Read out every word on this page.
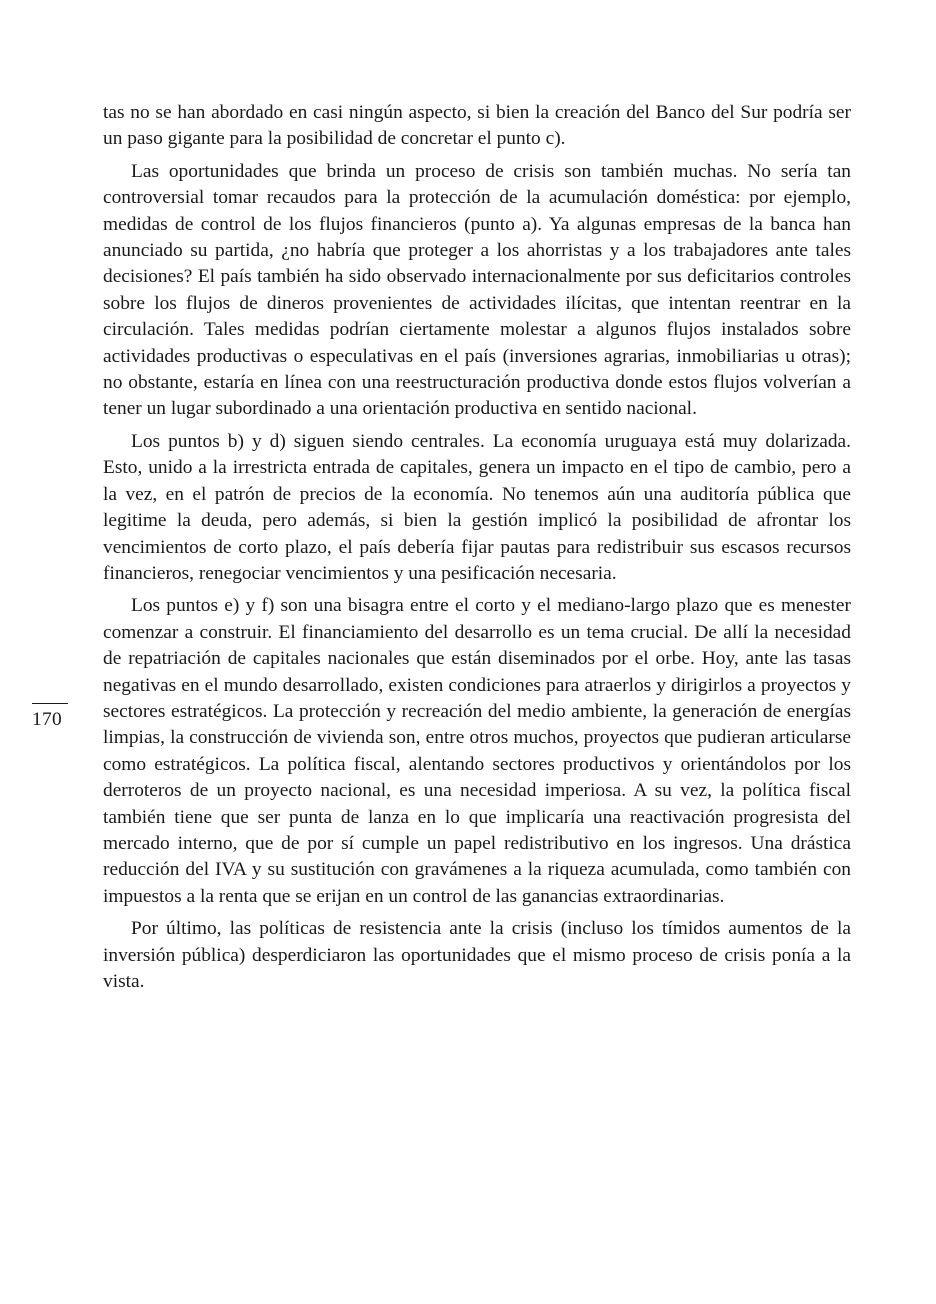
tas no se han abordado en casi ningún aspecto, si bien la creación del Banco del Sur podría ser un paso gigante para la posibilidad de concretar el punto c).

Las oportunidades que brinda un proceso de crisis son también muchas. No sería tan controversial tomar recaudos para la protección de la acumulación doméstica: por ejemplo, medidas de control de los flujos financieros (punto a). Ya algunas empresas de la banca han anunciado su partida, ¿no habría que proteger a los ahorristas y a los trabajadores ante tales decisiones? El país también ha sido observado internacionalmente por sus deficitarios controles sobre los flujos de dineros provenientes de actividades ilícitas, que intentan reentrar en la circulación. Tales medidas podrían ciertamente molestar a algunos flujos instalados sobre actividades productivas o especulativas en el país (inversiones agrarias, inmobiliarias u otras); no obstante, estaría en línea con una reestructuración productiva donde estos flujos volverían a tener un lugar subordinado a una orientación productiva en sentido nacional.

Los puntos b) y d) siguen siendo centrales. La economía uruguaya está muy dolarizada. Esto, unido a la irrestricta entrada de capitales, genera un impacto en el tipo de cambio, pero a la vez, en el patrón de precios de la economía. No tenemos aún una auditoría pública que legitime la deuda, pero además, si bien la gestión implicó la posibilidad de afrontar los vencimientos de corto plazo, el país debería fijar pautas para redistribuir sus escasos recursos financieros, renegociar vencimientos y una pesificación necesaria.

Los puntos e) y f) son una bisagra entre el corto y el mediano-largo plazo que es menester comenzar a construir. El financiamiento del desarrollo es un tema crucial. De allí la necesidad de repatriación de capitales nacionales que están diseminados por el orbe. Hoy, ante las tasas negativas en el mundo desarrollado, existen condiciones para atraerlos y dirigirlos a proyectos y sectores estratégicos. La protección y recreación del medio ambiente, la generación de energías limpias, la construcción de vivienda son, entre otros muchos, proyectos que pudieran articularse como estratégicos. La política fiscal, alentando sectores productivos y orientándolos por los derroteros de un proyecto nacional, es una necesidad imperiosa. A su vez, la política fiscal también tiene que ser punta de lanza en lo que implicaría una reactivación progresista del mercado interno, que de por sí cumple un papel redistributivo en los ingresos. Una drástica reducción del IVA y su sustitución con gravámenes a la riqueza acumulada, como también con impuestos a la renta que se erijan en un control de las ganancias extraordinarias.

Por último, las políticas de resistencia ante la crisis (incluso los tímidos aumentos de la inversión pública) desperdiciaron las oportunidades que el mismo proceso de crisis ponía a la vista.

170
